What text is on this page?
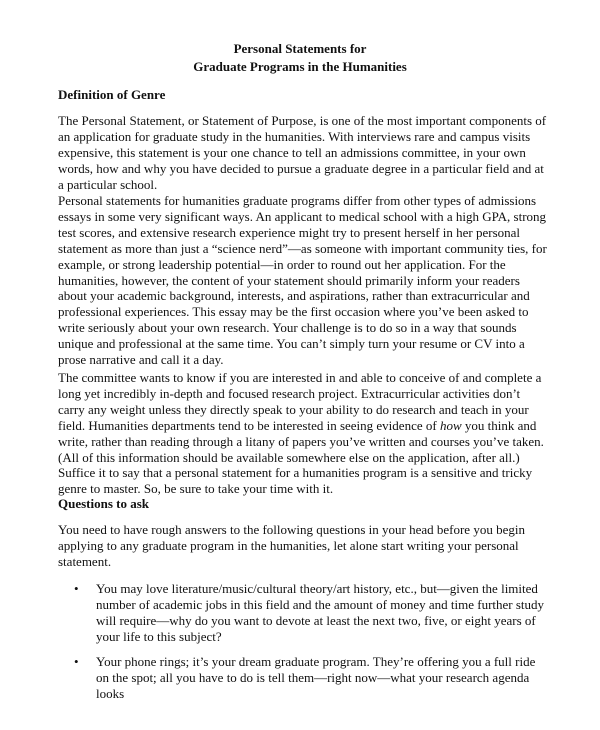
Personal Statements for
Graduate Programs in the Humanities
Definition of Genre
The Personal Statement, or Statement of Purpose, is one of the most important components of an application for graduate study in the humanities. With interviews rare and campus visits expensive, this statement is your one chance to tell an admissions committee, in your own words, how and why you have decided to pursue a graduate degree in a particular field and at a particular school.
Personal statements for humanities graduate programs differ from other types of admissions essays in some very significant ways. An applicant to medical school with a high GPA, strong test scores, and extensive research experience might try to present herself in her personal statement as more than just a “science nerd”—as someone with important community ties, for example, or strong leadership potential—in order to round out her application. For the humanities, however, the content of your statement should primarily inform your readers about your academic background, interests, and aspirations, rather than extracurricular and professional experiences. This essay may be the first occasion where you’ve been asked to write seriously about your own research. Your challenge is to do so in a way that sounds unique and professional at the same time. You can’t simply turn your resume or CV into a prose narrative and call it a day.
The committee wants to know if you are interested in and able to conceive of and complete a long yet incredibly in-depth and focused research project. Extracurricular activities don’t carry any weight unless they directly speak to your ability to do research and teach in your field. Humanities departments tend to be interested in seeing evidence of how you think and write, rather than reading through a litany of papers you’ve written and courses you’ve taken. (All of this information should be available somewhere else on the application, after all.) Suffice it to say that a personal statement for a humanities program is a sensitive and tricky genre to master. So, be sure to take your time with it.
Questions to ask
You need to have rough answers to the following questions in your head before you begin applying to any graduate program in the humanities, let alone start writing your personal statement.
• You may love literature/music/cultural theory/art history, etc., but—given the limited number of academic jobs in this field and the amount of money and time further study will require—why do you want to devote at least the next two, five, or eight years of your life to this subject?
• Your phone rings; it’s your dream graduate program. They’re offering you a full ride on the spot; all you have to do is tell them—right now—what your research agenda looks
